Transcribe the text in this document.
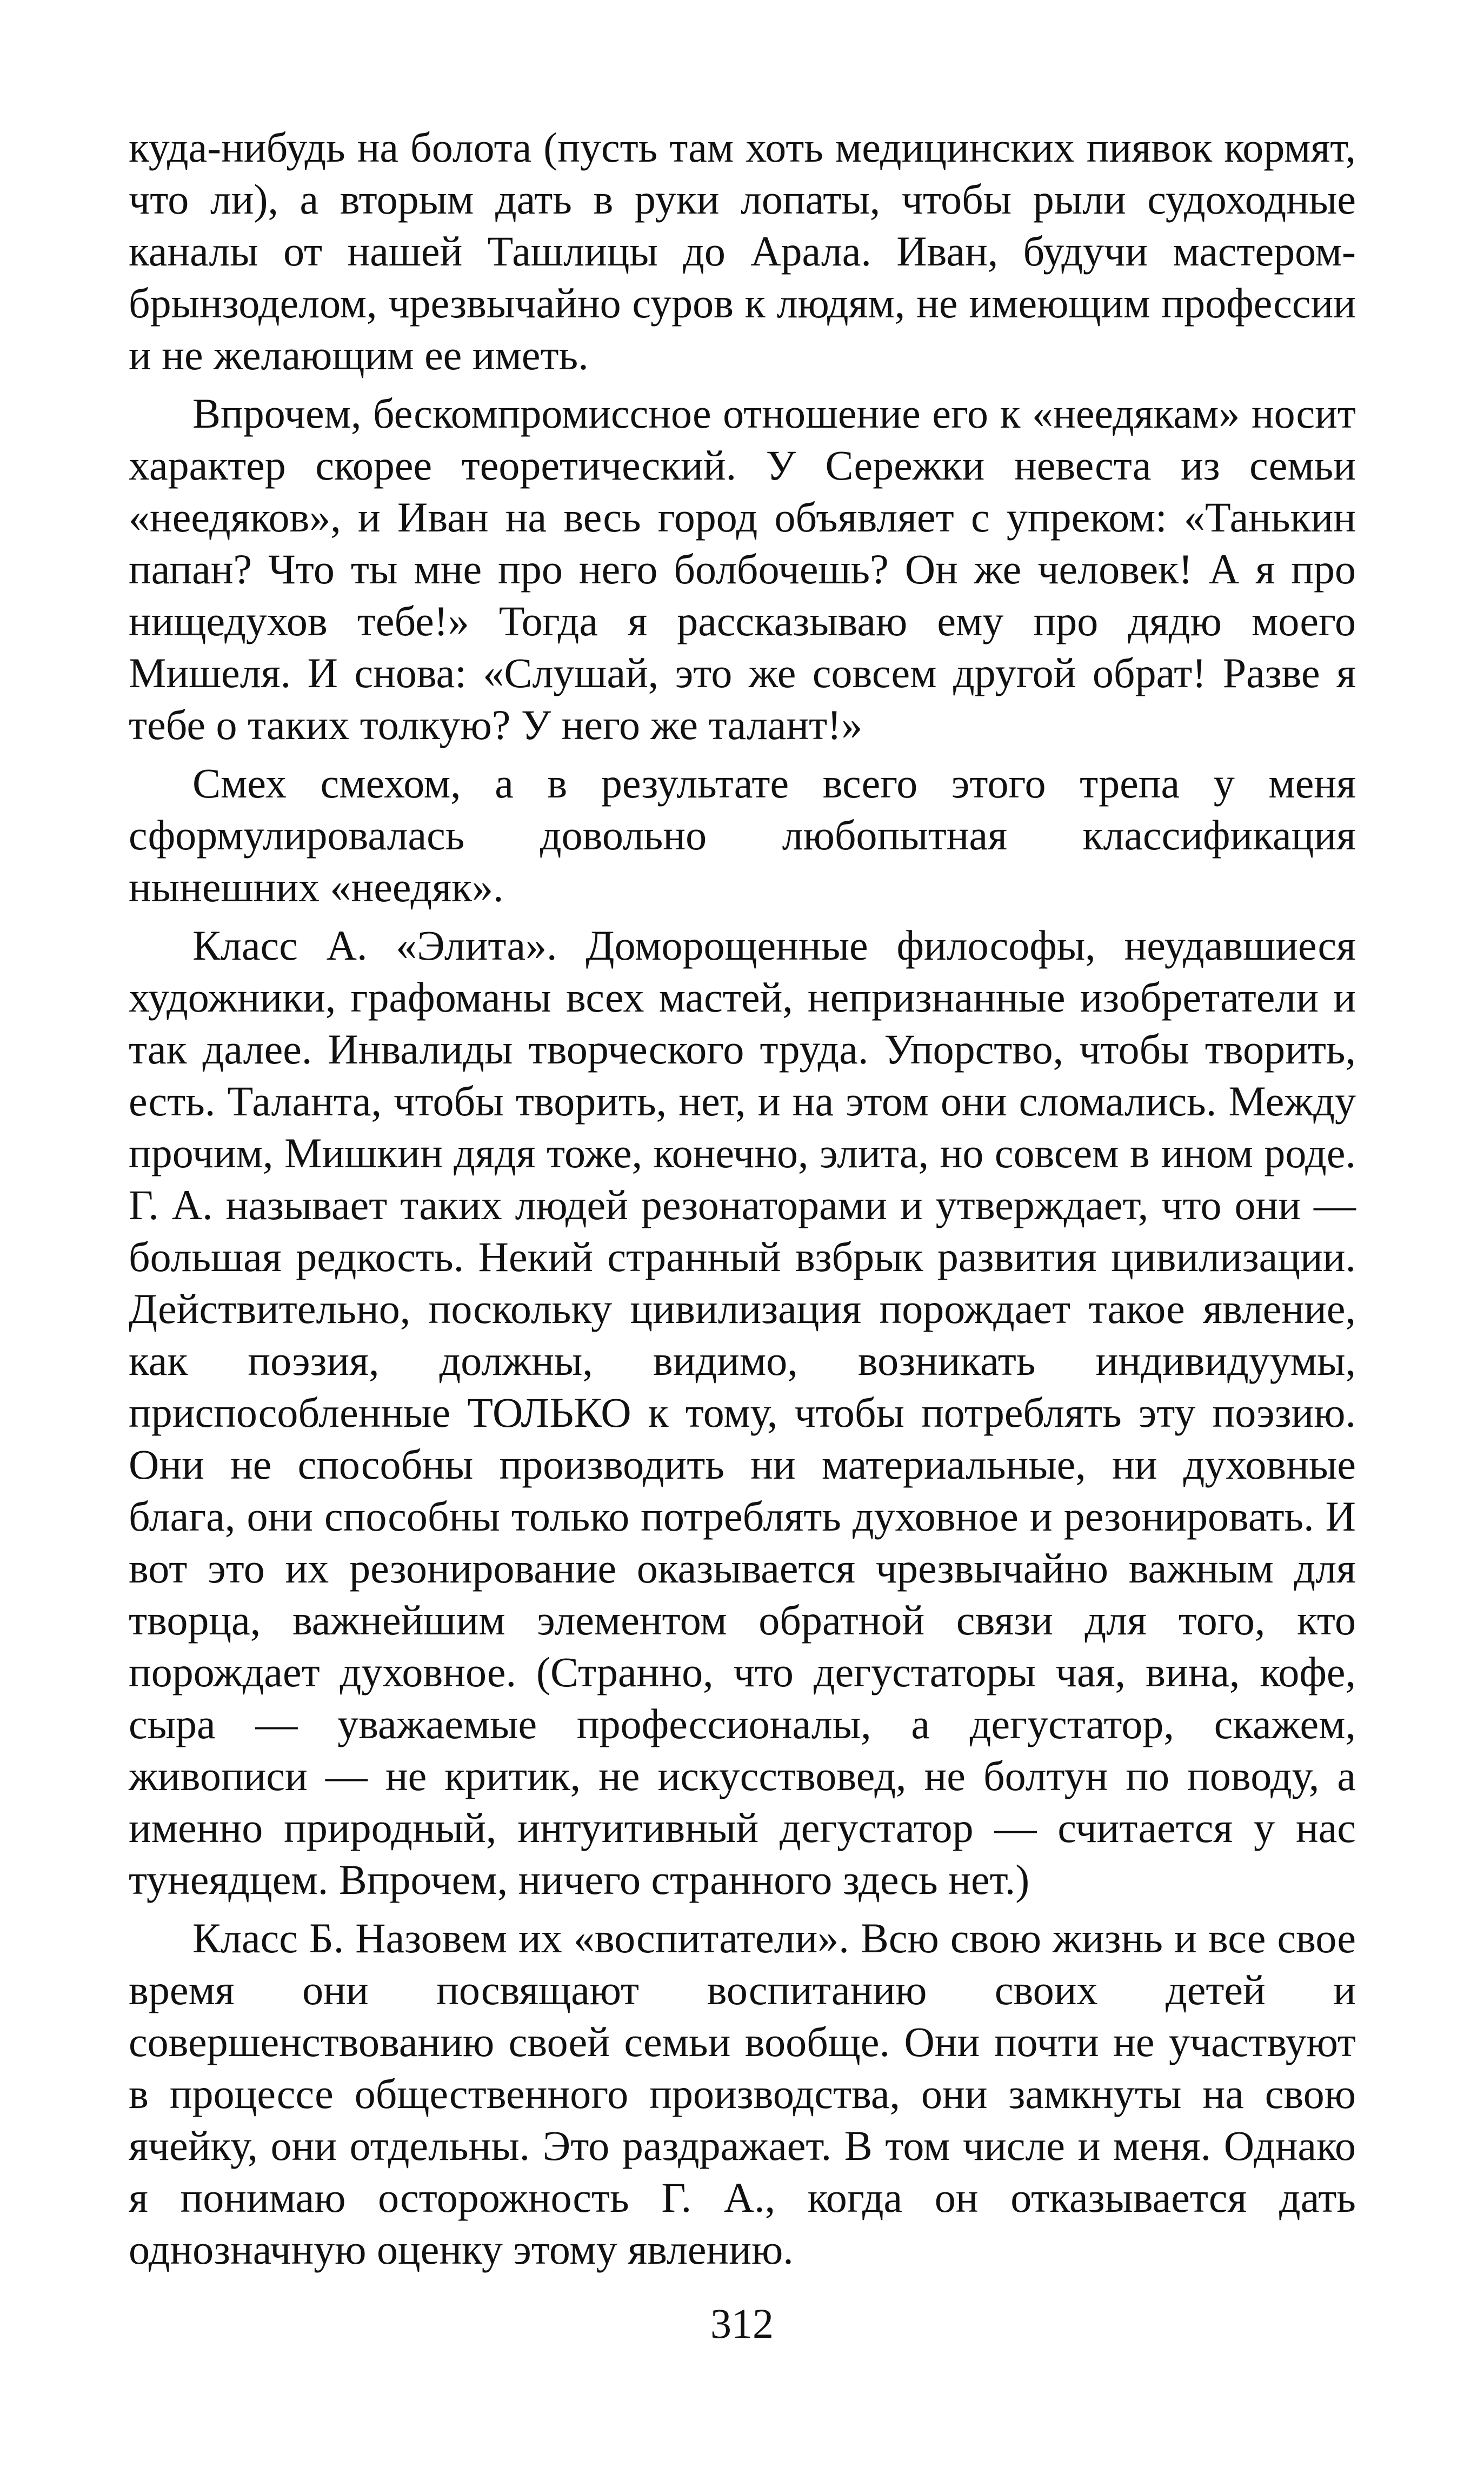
куда-нибудь на болота (пусть там хоть медицинских пиявок кормят, что ли), а вторым дать в руки лопаты, чтобы рыли судоходные каналы от нашей Ташлицы до Арала. Иван, будучи мастером-брынзоделом, чрезвычайно суров к людям, не имеющим профессии и не желающим ее иметь.

Впрочем, бескомпромиссное отношение его к «неедякам» носит характер скорее теоретический. У Сережки невеста из семьи «неедяков», и Иван на весь город объявляет с упреком: «Танькин папан? Что ты мне про него болбочешь? Он же человек! А я про нищедухов тебе!» Тогда я рассказываю ему про дядю моего Мишеля. И снова: «Слушай, это же совсем другой обрат! Разве я тебе о таких толкую? У него же талант!»

Смех смехом, а в результате всего этого трепа у меня сформулировалась довольно любопытная классификация нынешних «неедяк».

Класс А. «Элита». Доморощенные философы, неудавшиеся художники, графоманы всех мастей, непризнанные изобретатели и так далее. Инвалиды творческого труда. Упорство, чтобы творить, есть. Таланта, чтобы творить, нет, и на этом они сломались. Между прочим, Мишкин дядя тоже, конечно, элита, но совсем в ином роде. Г. А. называет таких людей резонаторами и утверждает, что они — большая редкость. Некий странный взбрык развития цивилизации. Действительно, поскольку цивилизация порождает такое явление, как поэзия, должны, видимо, возникать индивидуумы, приспособленные ТОЛЬКО к тому, чтобы потреблять эту поэзию. Они не способны производить ни материальные, ни духовные блага, они способны только потреблять духовное и резонировать. И вот это их резонирование оказывается чрезвычайно важным для творца, важнейшим элементом обратной связи для того, кто порождает духовное. (Странно, что дегустаторы чая, вина, кофе, сыра — уважаемые профессионалы, а дегустатор, скажем, живописи — не критик, не искусствовед, не болтун по поводу, а именно природный, интуитивный дегустатор — считается у нас тунеядцем. Впрочем, ничего странного здесь нет.)

Класс Б. Назовем их «воспитатели». Всю свою жизнь и все свое время они посвящают воспитанию своих детей и совершенствованию своей семьи вообще. Они почти не участвуют в процессе общественного производства, они замкнуты на свою ячейку, они отдельны. Это раздражает. В том числе и меня. Однако я понимаю осторожность Г. А., когда он отказывается дать однозначную оценку этому явлению.

312
